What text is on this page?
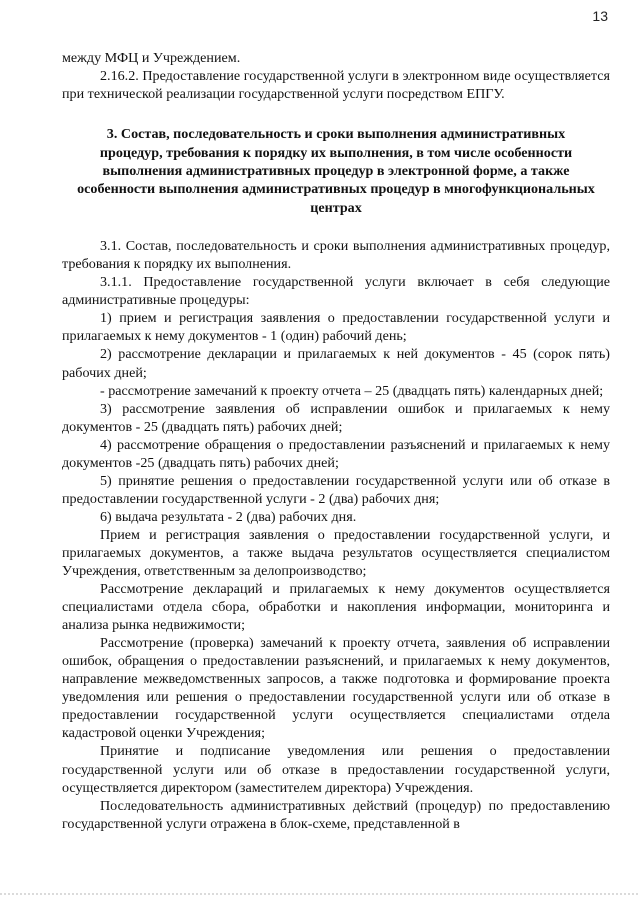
13

между МФЦ и Учреждением.

2.16.2. Предоставление государственной услуги в электронном виде осуществляется при технической реализации государственной услуги посредством ЕПГУ.

3. Состав, последовательность и сроки выполнения административных процедур, требования к порядку их выполнения, в том числе особенности выполнения административных процедур в электронной форме, а также особенности выполнения административных процедур в многофункциональных центрах

3.1. Состав, последовательность и сроки выполнения административных процедур, требования к порядку их выполнения.

3.1.1. Предоставление государственной услуги включает в себя следующие административные процедуры:

1) прием и регистрация заявления о предоставлении государственной услуги и прилагаемых к нему документов - 1 (один) рабочий день;

2) рассмотрение декларации и прилагаемых к ней документов - 45 (сорок пять) рабочих дней;

- рассмотрение замечаний к проекту отчета – 25 (двадцать пять) календарных дней;

3) рассмотрение заявления об исправлении ошибок и прилагаемых к нему документов - 25 (двадцать пять) рабочих дней;

4) рассмотрение обращения о предоставлении разъяснений и прилагаемых к нему документов -25 (двадцать пять) рабочих дней;

5) принятие решения о предоставлении государственной услуги или об отказе в предоставлении государственной услуги - 2 (два) рабочих дня;

6) выдача результата - 2 (два) рабочих дня.

Прием и регистрация заявления о предоставлении государственной услуги, и прилагаемых документов, а также выдача результатов осуществляется специалистом Учреждения, ответственным за делопроизводство;

Рассмотрение деклараций и прилагаемых к нему документов осуществляется специалистами отдела сбора, обработки и накопления информации, мониторинга и анализа рынка недвижимости;

Рассмотрение (проверка) замечаний к проекту отчета, заявления об исправлении ошибок, обращения о предоставлении разъяснений, и прилагаемых к нему документов, направление межведомственных запросов, а также подготовка и формирование проекта уведомления или решения о предоставлении государственной услуги или об отказе в предоставлении государственной услуги осуществляется специалистами отдела кадастровой оценки Учреждения;

Принятие и подписание уведомления или решения о предоставлении государственной услуги или об отказе в предоставлении государственной услуги, осуществляется директором (заместителем директора) Учреждения.

Последовательность административных действий (процедур) по предоставлению государственной услуги отражена в блок-схеме, представленной в
